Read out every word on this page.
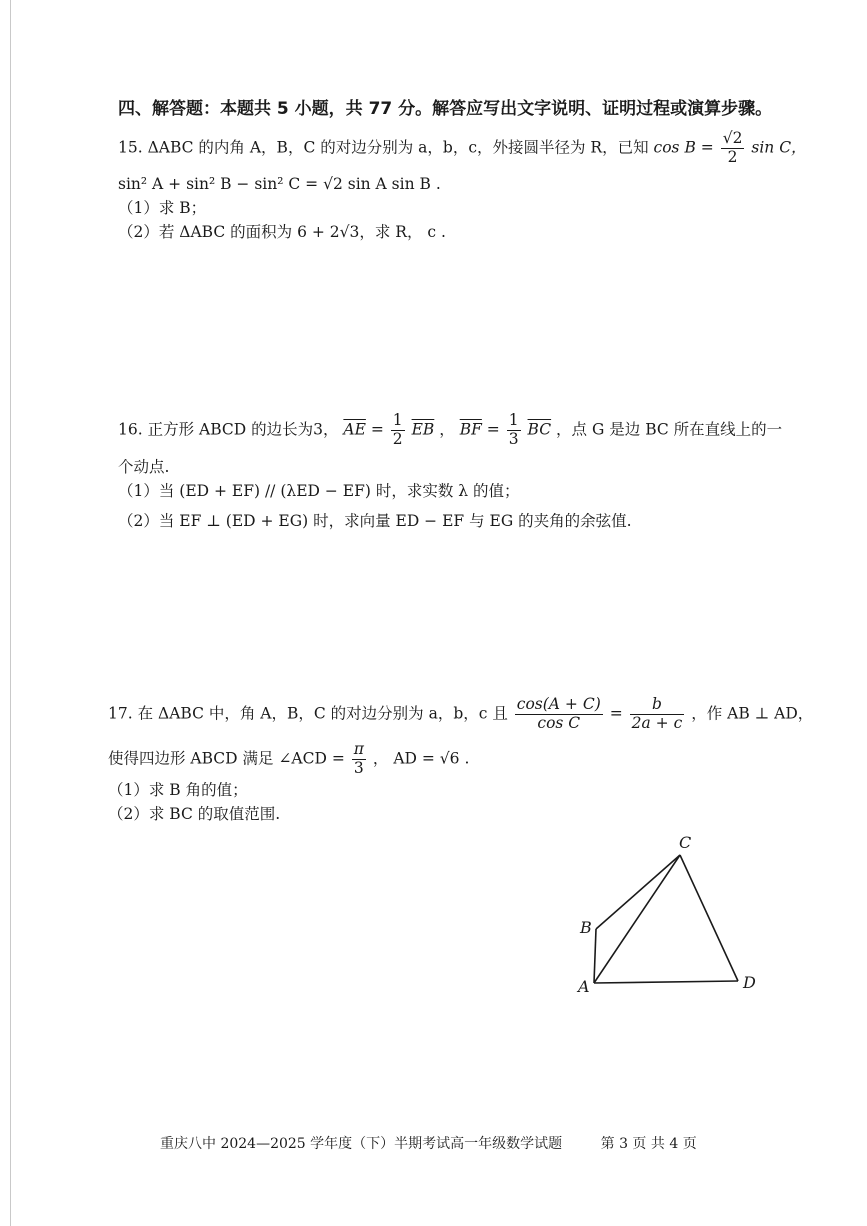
四、解答题：本题共 5 小题，共 77 分。解答应写出文字说明、证明过程或演算步骤。
15. ΔABC 的内角 A，B，C 的对边分别为 a，b，c，外接圆半径为 R，已知 $\cos B = \frac{√2}{2}$ sin C，
sin² A + sin² B − sin² C = √2 sin A sin B .
（1）求 B；
（2）若 ΔABC 的面积为 6 + 2√3，求 R， c .
16. 正方形 ABCD 的边长为3， $\overline{AE} = \frac{1}{2} \overline{EB}$ ， $\overline{BF} = \frac{1}{3} \overline{BC}$ ，点 G 是边 BC 所在直线上的一
个动点.
（1）当 (ED + EF) // (λED − EF) 时，求实数 λ 的值；
（2）当 EF ⊥ (ED + EG) 时，求向量 ED − EF 与 EG 的夹角的余弦值.
17. 在 ΔABC 中，角 A，B，C 的对边分别为 a，b，c 且 $\frac{\cos(A + C)}{\text{cos C}} = \frac{b}{2a + c}$ ，作 AB ⊥ AD，
使得四边形 ABCD 满足 ∠ACD = $\frac{\pi}{3}$ ， AD = √6 .
（1）求 B 角的值；
（2）求 BC 的取值范围.
C
B
A	D
重庆八中 2024—2025 学年度（下）半期考试高一年级数学试题	第 3 页 共 4 页
